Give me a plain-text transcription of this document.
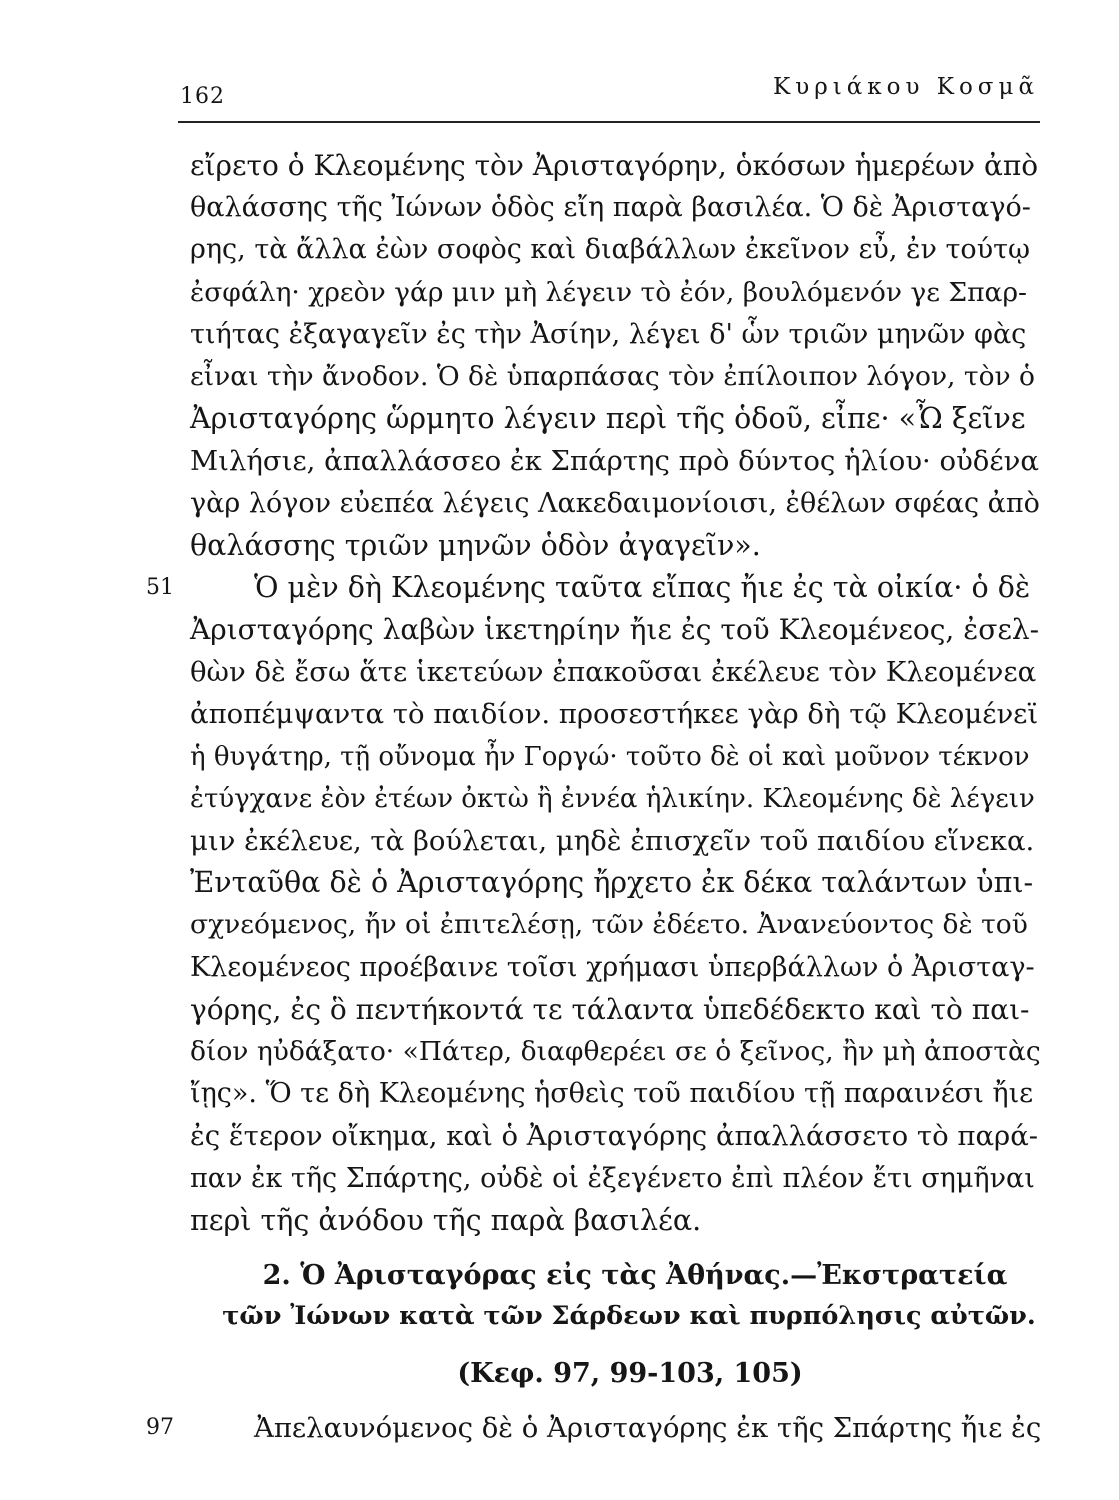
162	Κυριάκου Κοσμᾶ
εἴρετο ὁ Κλεομένης τὸν Ἀρισταγόρην, ὁκόσων ἡμερέων ἀπὸ
θαλάσσης τῆς Ἰώνων ὁδὸς εἴη παρὰ βασιλέα. Ὁ δὲ Ἀρισταγό-
ρης, τὰ ἄλλα ἐὼν σοφὸς καὶ διαβάλλων ἐκεῖνον εὖ, ἐν τούτῳ
ἐσφάλη· χρεὸν γάρ μιν μὴ λέγειν τὸ ἐόν, βουλόμενόν γε Σπαρ-
τιήτας ἐξαγαγεῖν ἐς τὴν Ἀσίην, λέγει δ' ὧν τριῶν μηνῶν φὰς
εἶναι τὴν ἄνοδον. Ὁ δὲ ὑπαρπάσας τὸν ἐπίλοιπον λόγον, τὸν ὁ
Ἀρισταγόρης ὥρμητο λέγειν περὶ τῆς ὁδοῦ, εἶπε· «Ὦ ξεῖνε
Μιλήσιε, ἀπαλλάσσεο ἐκ Σπάρτης πρὸ δύντος ἡλίου· οὐδένα
γὰρ λόγον εὐεπέα λέγεις Λακεδαιμονίοισι, ἐθέλων σφέας ἀπὸ
θαλάσσης τριῶν μηνῶν ὁδὸν ἀγαγεῖν».
51	Ὁ μὲν δὴ Κλεομένης ταῦτα εἴπας ἤιε ἐς τὰ οἰκία· ὁ δὲ
Ἀρισταγόρης λαβὼν ἱκετηρίην ἤιε ἐς τοῦ Κλεομένεος, ἐσελ-
θὼν δὲ ἔσω ἅτε ἱκετεύων ἐπακοῦσαι ἐκέλευε τὸν Κλεομένεα
ἀποπέμψαντα τὸ παιδίον. προσεστήκεε γὰρ δὴ τῷ Κλεομένεϊ
ἡ θυγάτηρ, τῇ οὔνομα ἦν Γοργώ· τοῦτο δὲ οἱ καὶ μοῦνον τέκνον
ἐτύγχανε ἐὸν ἐτέων ὀκτὼ ἢ ἐννέα ἡλικίην. Κλεομένης δὲ λέγειν
μιν ἐκέλευε, τὰ βούλεται, μηδὲ ἐπισχεῖν τοῦ παιδίου εἵνεκα.
Ἐνταῦθα δὲ ὁ Ἀρισταγόρης ἤρχετο ἐκ δέκα ταλάντων ὑπι-
σχνεόμενος, ἤν οἱ ἐπιτελέσῃ, τῶν ἐδέετο. Ἀνανεύοντος δὲ τοῦ
Κλεομένεος προέβαινε τοῖσι χρήμασι ὑπερβάλλων ὁ Ἀρισταγ-
γόρης, ἐς ὃ πεντήκοντά τε τάλαντα ὑπεδέδεκτο καὶ τὸ παι-
δίον ηὐδάξατο· «Πάτερ, διαφθερέει σε ὁ ξεῖνος, ἢν μὴ ἀποστὰς
ἴῃς». Ὅ τε δὴ Κλεομένης ἡσθεὶς τοῦ παιδίου τῇ παραινέσι ἤιε
ἐς ἕτερον οἴκημα, καὶ ὁ Ἀρισταγόρης ἀπαλλάσσετο τὸ παρά-
παν ἐκ τῆς Σπάρτης, οὐδὲ οἱ ἐξεγένετο ἐπὶ πλέον ἔτι σημῆναι
περὶ τῆς ἀνόδου τῆς παρὰ βασιλέα.
2. Ὁ Ἀρισταγόρας εἰς τὰς Ἀθήνας.—Ἐκστρατεία
τῶν Ἰώνων κατὰ τῶν Σάρδεων καὶ πυρπόλησις αὐτῶν.
(Κεφ. 97, 99-103, 105)
97	Ἀπελαυνόμενος δὲ ὁ Ἀρισταγόρης ἐκ τῆς Σπάρτης ἤιε ἐς
